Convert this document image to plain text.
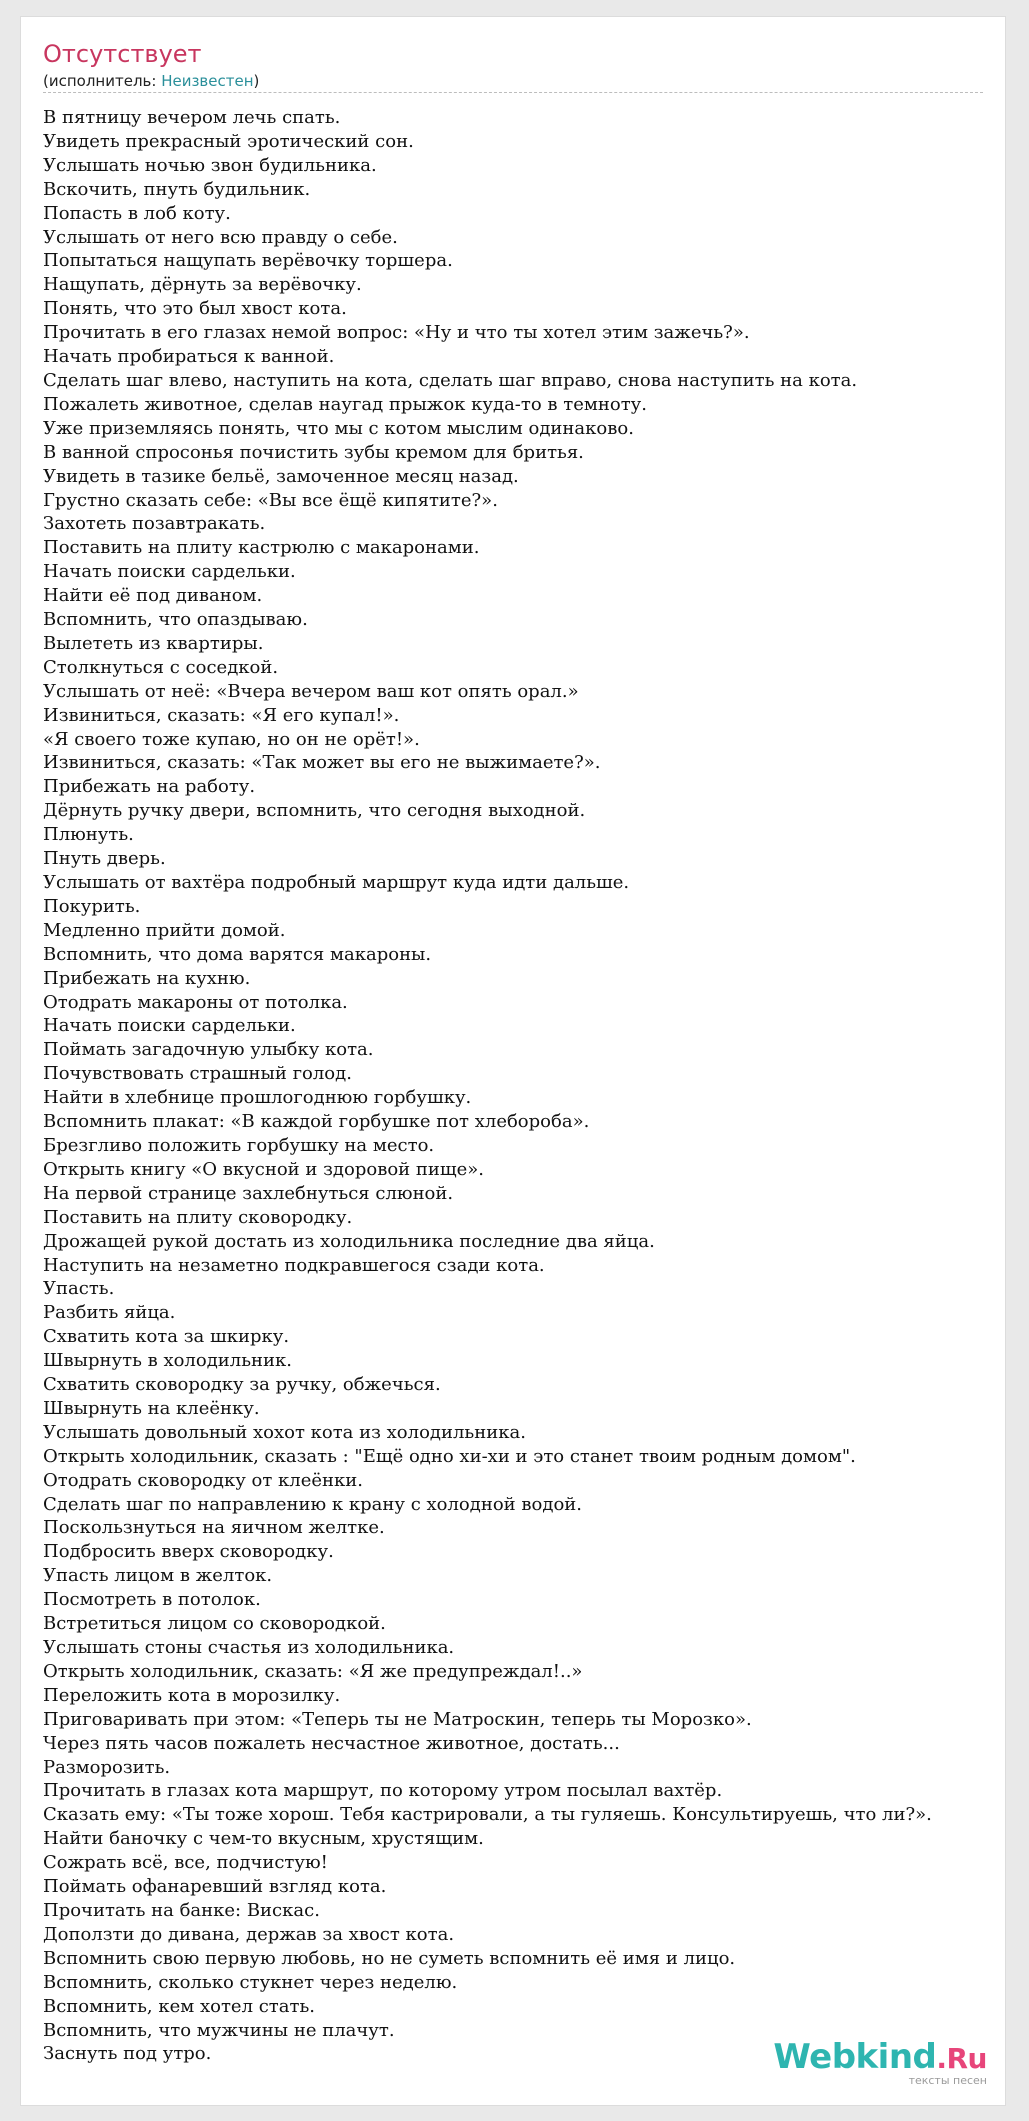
Отсутствует
(исполнитель: Неизвестен)
В пятницу вечером лечь спать.
Увидеть прекрасный эротический сон.
Услышать ночью звон будильника.
Вскочить, пнуть будильник.
Попасть в лоб коту.
Услышать от него всю правду о себе.
Попытаться нащупать верёвочку торшера.
Нащупать, дёрнуть за верёвочку.
Понять, что это был хвост кота.
Прочитать в его глазах немой вопрос: «Ну и что ты хотел этим зажечь?».
Начать пробираться к ванной.
Сделать шаг влево, наступить на кота, сделать шаг вправо, снова наступить на кота.
Пожалеть животное, сделав наугад прыжок куда-то в темноту.
Уже приземляясь понять, что мы с котом мыслим одинаково.
В ванной спросонья почистить зубы кремом для бритья.
Увидеть в тазике бельё, замоченное месяц назад.
Грустно сказать себе: «Вы все ёщё кипятите?».
Захотеть позавтракать.
Поставить на плиту кастрюлю с макаронами.
Начать поиски сардельки.
Найти её под диваном.
Вспомнить, что опаздываю.
Вылететь из квартиры.
Столкнуться с соседкой.
Услышать от неё: «Вчера вечером ваш кот опять орал.»
Извиниться, сказать: «Я его купал!».
«Я своего тоже купаю, но он не орёт!».
Извиниться, сказать: «Так может вы его не выжимаете?».
Прибежать на работу.
Дёрнуть ручку двери, вспомнить, что сегодня выходной.
Плюнуть.
Пнуть дверь.
Услышать от вахтёра подробный маршрут куда идти дальше.
Покурить.
Медленно прийти домой.
Вспомнить, что дома варятся макароны.
Прибежать на кухню.
Отодрать макароны от потолка.
Начать поиски сардельки.
Поймать загадочную улыбку кота.
Почувствовать страшный голод.
Найти в хлебнице прошлогоднюю горбушку.
Вспомнить плакат: «В каждой горбушке пот хлебороба».
Брезгливо положить горбушку на место.
Открыть книгу «О вкусной и здоровой пище».
На первой странице захлебнуться слюной.
Поставить на плиту сковородку.
Дрожащей рукой достать из холодильника последние два яйца.
Наступить на незаметно подкравшегося сзади кота.
Упасть.
Разбить яйца.
Схватить кота за шкирку.
Швырнуть в холодильник.
Схватить сковородку за ручку, обжечься.
Швырнуть на клеёнку.
Услышать довольный хохот кота из холодильника.
Открыть холодильник, сказать : "Ещё одно хи-хи и это станет твоим родным домом".
Отодрать сковородку от клеёнки.
Сделать шаг по направлению к крану с холодной водой.
Поскользнуться на яичном желтке.
Подбросить вверх сковородку.
Упасть лицом в желток.
Посмотреть в потолок.
Встретиться лицом со сковородкой.
Услышать стоны счастья из холодильника.
Открыть холодильник, сказать: «Я же предупреждал!..»
Переложить кота в морозилку.
Приговаривать при этом: «Теперь ты не Матроскин, теперь ты Морозко».
Через пять часов пожалеть несчастное животное, достать...
Разморозить.
Прочитать в глазах кота маршрут, по которому утром посылал вахтёр.
Сказать ему: «Ты тоже хорош. Тебя кастрировали, а ты гуляешь. Консультируешь, что ли?».
Найти баночку с чем-то вкусным, хрустящим.
Сожрать всё, все, подчистую!
Поймать офанаревший взгляд кота.
Прочитать на банке: Вискас.
Доползти до дивана, держав за хвост кота.
Вспомнить свою первую любовь, но не суметь вспомнить её имя и лицо.
Вспомнить, сколько стукнет через неделю.
Вспомнить, кем хотел стать.
Вспомнить, что мужчины не плачут.
Заснуть под утро.	Webkind.Ru
тексты песен
